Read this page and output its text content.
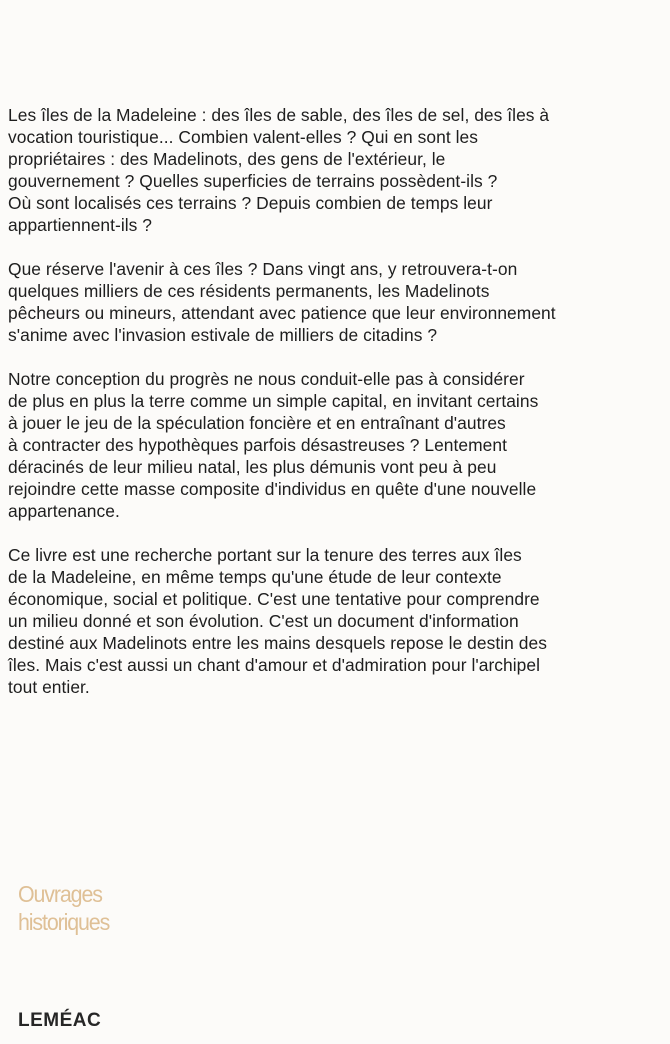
Les îles de la Madeleine : des îles de sable, des îles de sel, des îles à
vocation touristique... Combien valent-elles ? Qui en sont les
propriétaires : des Madelinots, des gens de l'extérieur, le
gouvernement ? Quelles superficies de terrains possèdent-ils ?
Où sont localisés ces terrains ? Depuis combien de temps leur
appartiennent-ils ?

Que réserve l'avenir à ces îles ? Dans vingt ans, y retrouvera-t-on
quelques milliers de ces résidents permanents, les Madelinots
pêcheurs ou mineurs, attendant avec patience que leur environnement
s'anime avec l'invasion estivale de milliers de citadins ?

Notre conception du progrès ne nous conduit-elle pas à considérer
de plus en plus la terre comme un simple capital, en invitant certains
à jouer le jeu de la spéculation foncière et en entraînant d'autres
à contracter des hypothèques parfois désastreuses ? Lentement
déracinés de leur milieu natal, les plus démunis vont peu à peu
rejoindre cette masse composite d'individus en quête d'une nouvelle
appartenance.

Ce livre est une recherche portant sur la tenure des terres aux îles
de la Madeleine, en même temps qu'une étude de leur contexte
économique, social et politique. C'est une tentative pour comprendre
un milieu donné et son évolution. C'est un document d'information
destiné aux Madelinots entre les mains desquels repose le destin des
îles. Mais c'est aussi un chant d'amour et d'admiration pour l'archipel
tout entier.

Ouvrages
historiques
LEMÉAC
